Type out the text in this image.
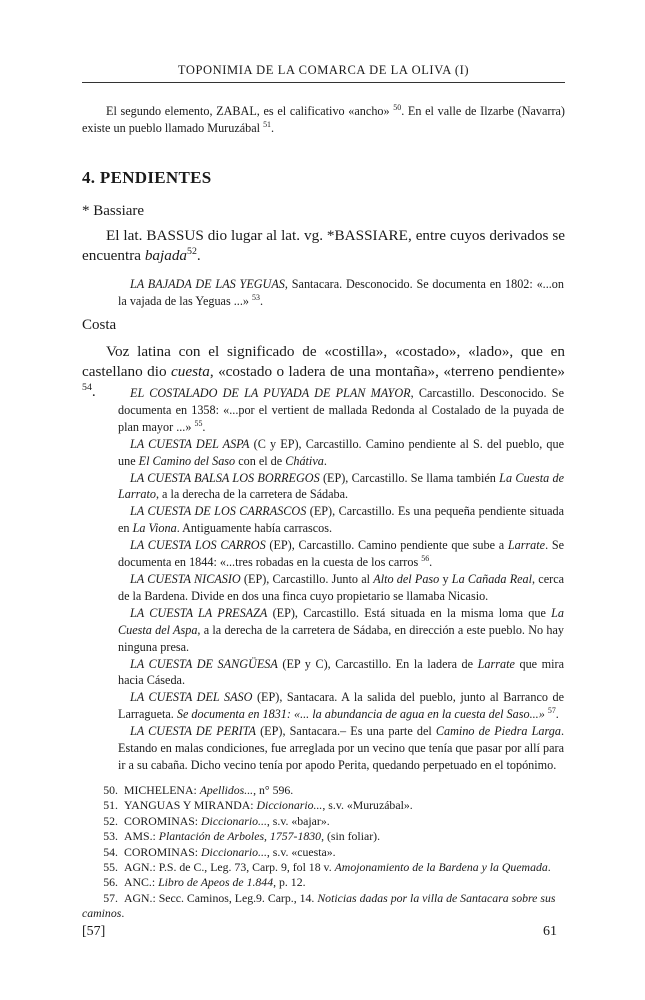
TOPONIMIA DE LA COMARCA DE LA OLIVA (I)

El segundo elemento, ZABAL, es el calificativo «ancho» $^{50}$. En el valle de Ilzarbe (Navarra) existe un pueblo llamado Muruzábal $^{51}$.

4. PENDIENTES

* Bassiare

El lat. BASSUS dio lugar al lat. vg. *BASSIARE, entre cuyos derivados se encuentra bajada$^{52}$.

LA BAJADA DE LAS YEGUAS, Santacara. Desconocido. Se documenta en 1802: «...on la vajada de las Yeguas ...» $^{53}$.

Costa

Voz latina con el significado de «costilla», «costado», «lado», que en castellano dio cuesta, «costado o ladera de una montaña», «terreno pendiente» $^{54}$.	EL COSTALADO DE LA PUYADA DE PLAN MAYOR, Carcastillo. Desconocido. Se documenta en 1358: «...por el vertient de mallada Redonda al Costalado de la puyada de plan mayor ...» $^{55}$.

LA CUESTA DEL ASPA (C y EP), Carcastillo. Camino pendiente al S. del pueblo, que une El Camino del Saso con el de Chátiva.

LA CUESTA BALSA LOS BORREGOS (EP), Carcastillo. Se llama también La Cuesta de Larrato, a la derecha de la carretera de Sádaba.

LA CUESTA DE LOS CARRASCOS (EP), Carcastillo. Es una pequeña pendiente situada en La Viona. Antiguamente había carrascos.

LA CUESTA LOS CARROS (EP), Carcastillo. Camino pendiente que sube a Larrate. Se documenta en 1844: «...tres robadas en la cuesta de los carros $^{56}$.

LA CUESTA NICASIO (EP), Carcastillo. Junto al Alto del Paso y La Cañada Real, cerca de la Bardena. Divide en dos una finca cuyo propietario se llamaba Nicasio.

LA CUESTA LA PRESAZA (EP), Carcastillo. Está situada en la misma loma que La Cuesta del Aspa, a la derecha de la carretera de Sádaba, en dirección a este pueblo. No hay ninguna presa.

LA CUESTA DE SANGÜESA (EP y C), Carcastillo. En la ladera de Larrate que mira hacia Cáseda.

LA CUESTA DEL SASO (EP), Santacara. A la salida del pueblo, junto al Barranco de Larragueta. Se documenta en 1831: «... la abundancia de agua en la cuesta del Saso...» $^{57}$.

LA CUESTA DE PERITA (EP), Santacara.– Es una parte del Camino de Piedra Larga. Estando en malas condiciones, fue arreglada por un vecino que tenía que pasar por allí para ir a su cabaña. Dicho vecino tenía por apodo Perita, quedando perpetuado en el topónimo.

50. MICHELENA: Apellidos..., n° 596.
51. YANGUAS Y MIRANDA: Diccionario..., s.v. «Muruzábal».
52. COROMINAS: Diccionario..., s.v. «bajar».
53. AMS.: Plantación de Arboles, 1757-1830, (sin foliar).
54. COROMINAS: Diccionario..., s.v. «cuesta».
55. AGN.: P.S. de C., Leg. 73, Carp. 9, fol 18 v. Amojonamiento de la Bardena y la Quemada.
56. ANC.: Libro de Apeos de 1.844, p. 12.
57. AGN.: Secc. Caminos, Leg.9. Carp., 14. Noticias dadas por la villa de Santacara sobre sus caminos.
[57]	61
